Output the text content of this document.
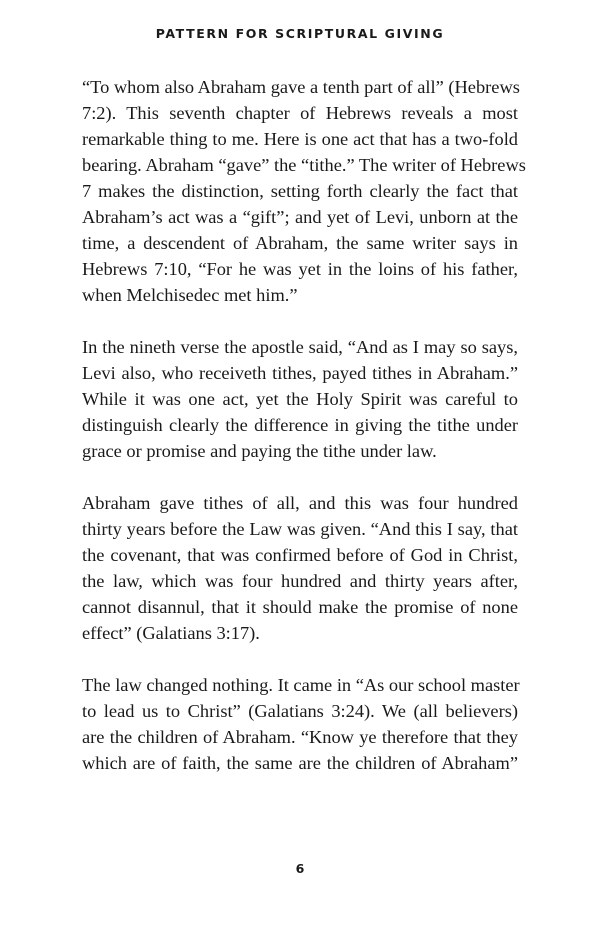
PATTERN FOR SCRIPTURAL GIVING

“To whom also Abraham gave a tenth part of all” (Hebrews
7:2). This seventh chapter of Hebrews reveals a most
remarkable thing to me. Here is one act that has a two-fold
bearing. Abraham “gave” the “tithe.” The writer of Hebrews
7 makes the distinction, setting forth clearly the fact that
Abraham’s act was a “gift”; and yet of Levi, unborn at the
time, a descendent of Abraham, the same writer says in
Hebrews 7:10, “For he was yet in the loins of his father,
when Melchisedec met him.”

In the nineth verse the apostle said, “And as I may so says,
Levi also, who receiveth tithes, payed tithes in Abraham.”
While it was one act, yet the Holy Spirit was careful to
distinguish clearly the difference in giving the tithe under
grace or promise and paying the tithe under law.

Abraham gave tithes of all, and this was four hundred
thirty years before the Law was given. “And this I say, that
the covenant, that was confirmed before of God in Christ,
the law, which was four hundred and thirty years after,
cannot disannul, that it should make the promise of none
effect” (Galatians 3:17).

The law changed nothing. It came in “As our school master
to lead us to Christ” (Galatians 3:24). We (all believers)
are the children of Abraham. “Know ye therefore that they
which are of faith, the same are the children of Abraham”

6
